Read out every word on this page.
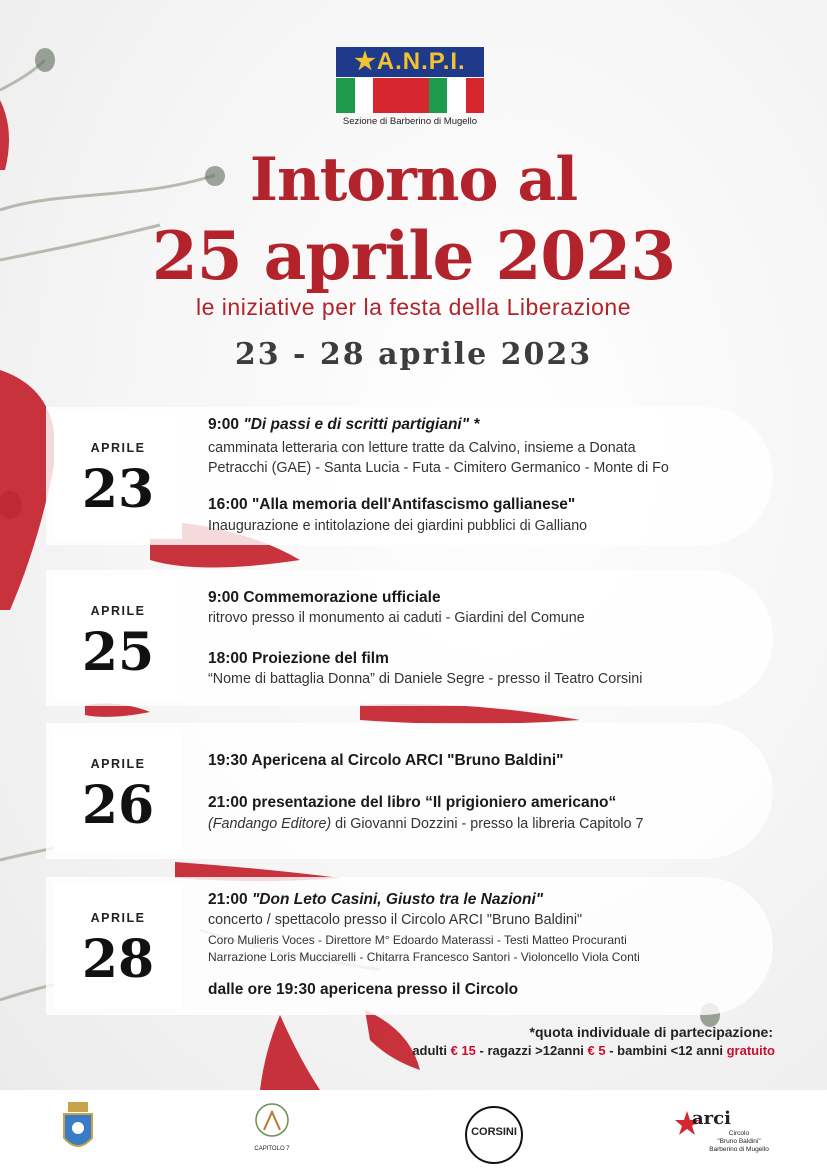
★A.N.P.I.
Sezione di Barberino di Mugello
Intorno al
25 aprile 2023
le iniziative per la festa della Liberazione
23 - 28 aprile 2023
APRILE
23
9:00 "Di passi e di scritti partigiani" *
camminata letteraria con letture tratte da Calvino, insieme a Donata
Petracchi (GAE) - Santa Lucia - Futa - Cimitero Germanico - Monte di Fo
16:00 "Alla memoria dell'Antifascismo gallianese"
Inaugurazione e intitolazione dei giardini pubblici di Galliano
APRILE
25
9:00 Commemorazione ufficiale
ritrovo presso il monumento ai caduti - Giardini del Comune
18:00 Proiezione del film
“Nome di battaglia Donna” di Daniele Segre - presso il Teatro Corsini
APRILE
26
19:30 Apericena al Circolo ARCI "Bruno Baldini"
21:00 presentazione del libro “Il prigioniero americano“
(Fandango Editore) di Giovanni Dozzini - presso la libreria Capitolo 7
APRILE
28
21:00 "Don Leto Casini, Giusto tra le Nazioni"
concerto / spettacolo presso il Circolo ARCI "Bruno Baldini"
Coro Mulieris Voces - Direttore M° Edoardo Materassi - Testi Matteo Procuranti
Narrazione Loris Mucciarelli - Chitarra Francesco Santori - Violoncello Viola Conti
dalle ore 19:30 apericena presso il Circolo
*quota individuale di partecipazione:
adulti € 15 - ragazzi >12anni € 5 - bambini <12 anni gratuito
CAPITOLO 7
CORSINI
arci
Circolo
"Bruno Baldini"
Barberino di Mugello
